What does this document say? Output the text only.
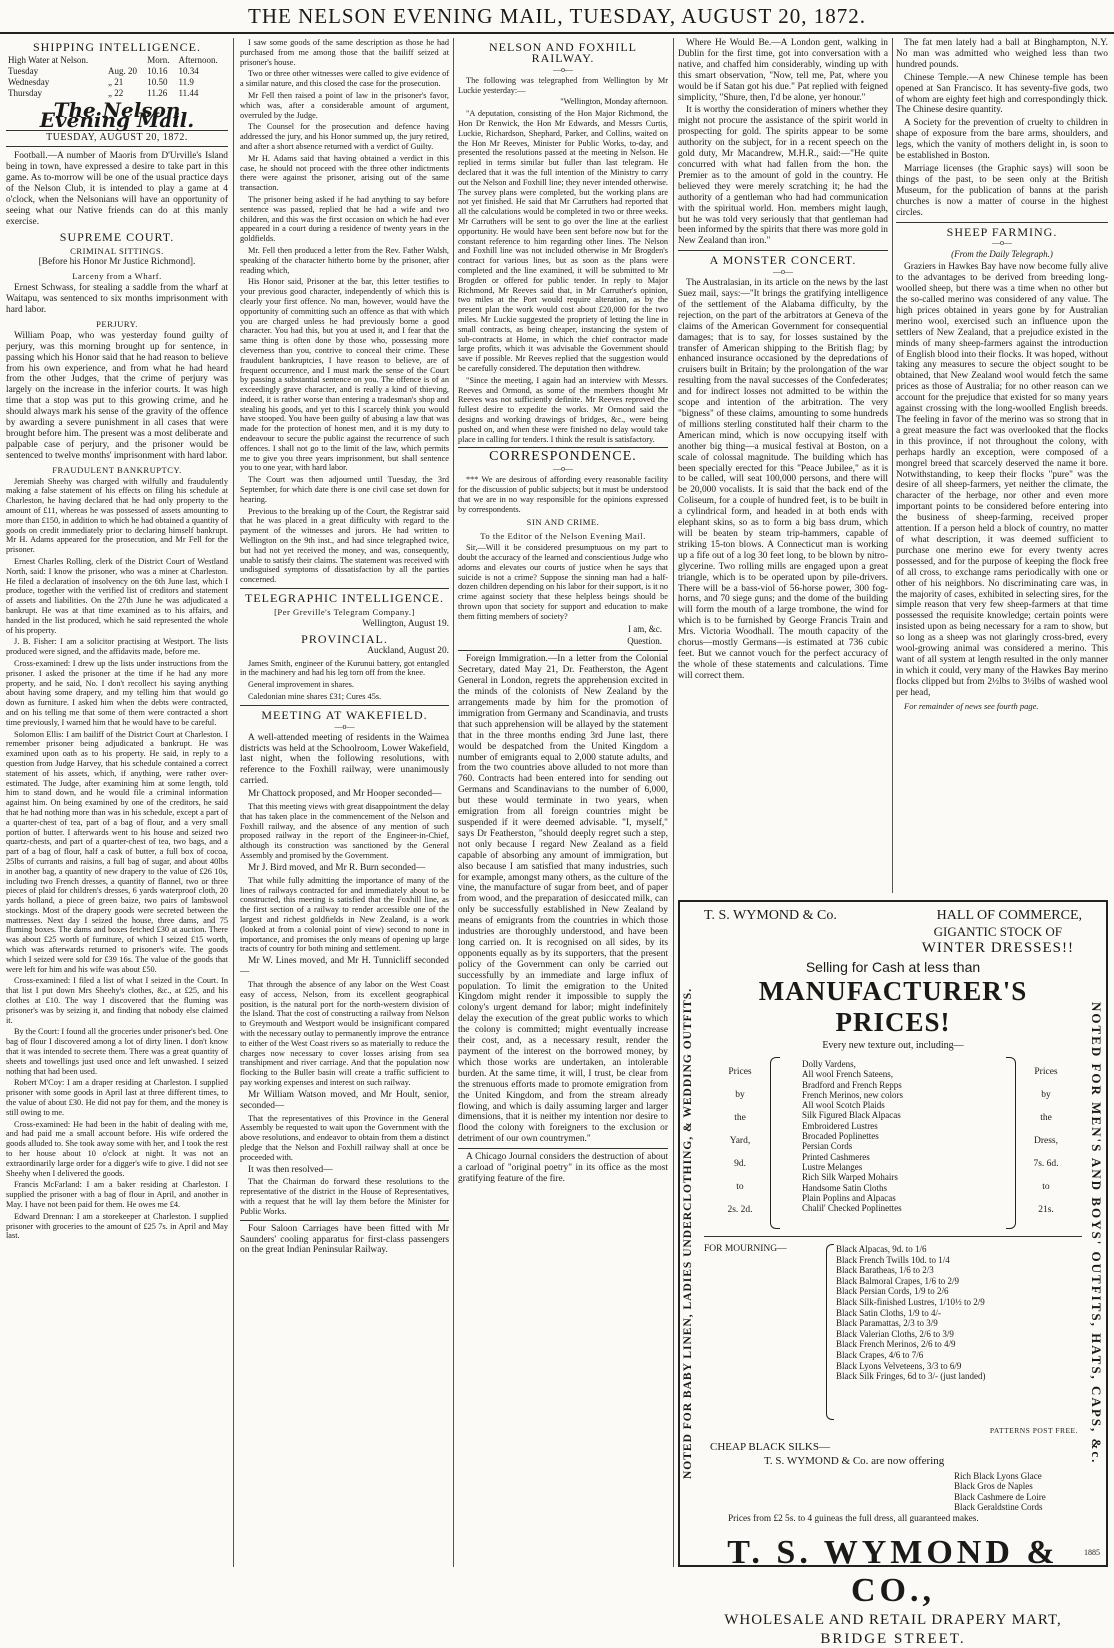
THE NELSON EVENING MAIL, TUESDAY, AUGUST 20, 1872.
SHIPPING INTELLIGENCE.
High Water at Nelson.		Morn.	Afternoon.
Tuesday	Aug. 20	10.16	10.34
Wednesday	„ 21	10.50	11.9
Thursday	„ 22	11.26	11.44
The Nelson Evening Mail.
TUESDAY, AUGUST 20, 1872.

Football.—A number of Maoris from D'Urville's Island being in town, have expressed a desire to take part in this game. As to-morrow will be one of the usual practice days of the Nelson Club, it is intended to play a game at 4 o'clock, when the Nelsonians will have an opportunity of seeing what our Native friends can do at this manly exercise.

SUPREME COURT.
CRIMINAL SITTINGS.

[Before his Honor Mr Justice Richmond].

Larceny from a Wharf.

Ernest Schwass, for stealing a saddle from the wharf at Waitapu, was sentenced to six months imprisonment with hard labor.

PERJURY.

William Poap, who was yesterday found guilty of perjury, was this morning brought up for sentence, in passing which his Honor said that he had reason to believe from his own experience, and from what he had heard from the other Judges, that the crime of perjury was largely on the increase in the inferior courts. It was high time that a stop was put to this growing crime, and he should always mark his sense of the gravity of the offence by awarding a severe punishment in all cases that were brought before him. The present was a most deliberate and palpable case of perjury, and the prisoner would be sentenced to twelve months' imprisonment with hard labor.

FRAUDULENT BANKRUPTCY.

Jeremiah Sheehy was charged with wilfully and fraudulently making a false statement of his effects on filing his schedule at Charleston, he having declared that he had only property to the amount of £11, whereas he was possessed of assets amounting to more than £150, in addition to which he had obtained a quantity of goods on credit immediately prior to declaring himself bankrupt. Mr H. Adams appeared for the prosecution, and Mr Fell for the prisoner.

Ernest Charles Rolling, clerk of the District Court of Westland North, said: I know the prisoner, who was a miner at Charleston. He filed a declaration of insolvency on the 6th June last, which I produce, together with the verified list of creditors and statement of assets and liabilities. On the 27th June he was adjudicated a bankrupt. He was at that time examined as to his affairs, and handed in the list produced, which he said represented the whole of his property.

J. B. Fisher: I am a solicitor practising at Westport. The lists produced were signed, and the affidavits made, before me.

Cross-examined: I drew up the lists under instructions from the prisoner. I asked the prisoner at the time if he had any more property, and he said, No. I don't recollect his saying anything about having some drapery, and my telling him that would go down as furniture. I asked him when the debts were contracted, and on his telling me that some of them were contracted a short time previously, I warned him that he would have to be careful.

Solomon Ellis: I am bailiff of the District Court at Charleston. I remember prisoner being adjudicated a bankrupt. He was examined upon oath as to his property. He said, in reply to a question from Judge Harvey, that his schedule contained a correct statement of his assets, which, if anything, were rather over-estimated. The Judge, after examining him at some length, told him to stand down, and he would file a criminal information against him. On being examined by one of the creditors, he said that he had nothing more than was in his schedule, except a part of a quarter-chest of tea, part of a bag of flour, and a very small portion of butter. I afterwards went to his house and seized two quartz-chests, and part of a quarter-chest of tea, two bags, and a part of a bag of flour, half a cask of butter, a full box of cocoa, 25lbs of currants and raisins, a full bag of sugar, and about 40lbs in another bag, a quantity of new drapery to the value of £26 10s, including two French dresses, a quantity of flannel, two or three pieces of plaid for children's dresses, 6 yards waterproof cloth, 20 yards holland, a piece of green baize, two pairs of lambswool stockings. Most of the drapery goods were secreted between the mattresses. Next day I seized the house, three dams, and 75 fluming boxes. The dams and boxes fetched £30 at auction. There was about £25 worth of furniture, of which I seized £15 worth, which was afterwards returned to prisoner's wife. The goods which I seized were sold for £39 16s. The value of the goods that were left for him and his wife was about £50.

Cross-examined: I filed a list of what I seized in the Court. In that list I put down Mrs Sheehy's clothes, &c., at £25, and his clothes at £10. The way I discovered that the fluming was prisoner's was by seizing it, and finding that nobody else claimed it.

By the Court: I found all the groceries under prisoner's bed. One bag of flour I discovered among a lot of dirty linen. I don't know that it was intended to secrete them. There was a great quantity of sheets and towellings just used once and left unwashed. I seized nothing that had been used.

Robert M'Coy: I am a draper residing at Charleston. I supplied prisoner with some goods in April last at three different times, to the value of about £30. He did not pay for them, and the money is still owing to me.

Cross-examined: He had been in the habit of dealing with me, and had paid me a small account before. His wife ordered the goods alluded to. She took away some with her, and I took the rest to her house about 10 o'clock at night. It was not an extraordinarily large order for a digger's wife to give. I did not see Sheehy when I delivered the goods.

Francis McFarland: I am a baker residing at Charleston. I supplied the prisoner with a bag of flour in April, and another in May. I have not been paid for them. He owes me £4.

Edward Drennan: I am a storekeeper at Charleston. I supplied prisoner with groceries to the amount of £25 7s. in April and May last.

I saw some goods of the same description as those he had purchased from me among those that the bailiff seized at prisoner's house.

Two or three other witnesses were called to give evidence of a similar nature, and this closed the case for the prosecution.

Mr Fell then raised a point of law in the prisoner's favor, which was, after a considerable amount of argument, overruled by the Judge.

The Counsel for the prosecution and defence having addressed the jury, and his Honor summed up, the jury retired, and after a short absence returned with a verdict of Guilty.

Mr H. Adams said that having obtained a verdict in this case, he should not proceed with the three other indictments there were against the prisoner, arising out of the same transaction.

The prisoner being asked if he had anything to say before sentence was passed, replied that he had a wife and two children, and this was the first occasion on which he had ever appeared in a court during a residence of twenty years in the goldfields.

Mr. Fell then produced a letter from the Rev. Father Walsh, speaking of the character hitherto borne by the prisoner, after reading which,

His Honor said, Prisoner at the bar, this letter testifies to your previous good character, independently of which this is clearly your first offence. No man, however, would have the opportunity of committing such an offence as that with which you are charged unless he had previously borne a good character. You had this, but you at used it, and I fear that the same thing is often done by those who, possessing more cleverness than you, contrive to conceal their crime. These fraudulent bankruptcies, I have reason to believe, are of frequent occurrence, and I must mark the sense of the Court by passing a substantial sentence on you. The offence is of an exceedingly grave character, and is really a kind of thieving, indeed, it is rather worse than entering a tradesman's shop and stealing his goods, and yet to this I scarcely think you would have stooped. You have been guilty of abusing a law that was made for the protection of honest men, and it is my duty to endeavour to secure the public against the recurrence of such offences. I shall not go to the limit of the law, which permits me to give you three years imprisonment, but shall sentence you to one year, with hard labor.

The Court was then adjourned until Tuesday, the 3rd September, for which date there is one civil case set down for hearing.

Previous to the breaking up of the Court, the Registrar said that he was placed in a great difficulty with regard to the payment of the witnesses and jurors. He had written to Wellington on the 9th inst., and had since telegraphed twice, but had not yet received the money, and was, consequently, unable to satisfy their claims. The statement was received with undisguised symptoms of dissatisfaction by all the parties concerned.

TELEGRAPHIC INTELLIGENCE.
[Per Greville's Telegram Company.]

Wellington, August 19.

PROVINCIAL.

Auckland, August 20.

James Smith, engineer of the Kurunui battery, got entangled in the machinery and had his leg torn off from the knee.

General improvement in shares.

Caledonian mine shares £31; Cures 45s.

MEETING AT WAKEFIELD.
—o—

A well-attended meeting of residents in the Waimea districts was held at the Schoolroom, Lower Wakefield, last night, when the following resolutions, with reference to the Foxhill railway, were unanimously carried.

Mr Chattock proposed, and Mr Hooper seconded—

That this meeting views with great disappointment the delay that has taken place in the commencement of the Nelson and Foxhill railway, and the absence of any mention of such proposed railway in the report of the Engineer-in-Chief, although its construction was sanctioned by the General Assembly and promised by the Government.

Mr J. Bird moved, and Mr R. Burn seconded—

That while fully admitting the importance of many of the lines of railways contracted for and immediately about to be constructed, this meeting is satisfied that the Foxhill line, as the first section of a railway to render accessible one of the largest and richest goldfields in New Zealand, is a work (looked at from a colonial point of view) second to none in importance, and promises the only means of opening up large tracts of country for both mining and settlement.

Mr W. Lines moved, and Mr H. Tunnicliff seconded—

That through the absence of any labor on the West Coast easy of access, Nelson, from its excellent geographical position, is the natural port for the north-western division of the Island. That the cost of constructing a railway from Nelson to Greymouth and Westport would be insignificant compared with the necessary outlay to permanently improve the entrance to either of the West Coast rivers so as materially to reduce the charges now necessary to cover losses arising from sea transhipment and river carriage. And that the population now flocking to the Buller basin will create a traffic sufficient to pay working expenses and interest on such railway.

Mr William Watson moved, and Mr Hoult, senior, seconded—

That the representatives of this Province in the General Assembly be requested to wait upon the Government with the above resolutions, and endeavor to obtain from them a distinct pledge that the Nelson and Foxhill railway shall at once be proceeded with.

It was then resolved—

That the Chairman do forward these resolutions to the representative of the district in the House of Representatives, with a request that he will lay them before the Minister for Public Works.

Four Saloon Carriages have been fitted with Mr Saunders' cooling apparatus for first-class passengers on the great Indian Peninsular Railway.

NELSON AND FOXHILL RAILWAY.
—o—

The following was telegraphed from Wellington by Mr Luckie yesterday:—

"Wellington, Monday afternoon.

"A deputation, consisting of the Hon Major Richmond, the Hon Dr Renwick, the Hon Mr Edwards, and Messrs Curtis, Luckie, Richardson, Shephard, Parker, and Collins, waited on the Hon Mr Reeves, Minister for Public Works, to-day, and presented the resolutions passed at the meeting in Nelson. He replied in terms similar but fuller than last telegram. He declared that it was the full intention of the Ministry to carry out the Nelson and Foxhill line; they never intended otherwise. The survey plans were completed, but the working plans are not yet finished. He said that Mr Carruthers had reported that all the calculations would be completed in two or three weeks. Mr Carruthers will be sent to go over the line at the earliest opportunity. He would have been sent before now but for the constant reference to him regarding other lines. The Nelson and Foxhill line was not included otherwise in Mr Brogden's contract for various lines, but as soon as the plans were completed and the line examined, it will be submitted to Mr Brogden or offered for public tender. In reply to Major Richmond, Mr Reeves said that, in Mr Carruther's opinion, two miles at the Port would require alteration, as by the present plan the work would cost about £20,000 for the two miles. Mr Luckie suggested the propriety of letting the line in small contracts, as being cheaper, instancing the system of sub-contracts at Home, in which the chief contractor made large profits, which it was advisable the Government should save if possible. Mr Reeves replied that the suggestion would be carefully considered. The deputation then withdrew.

"Since the meeting, I again had an interview with Messrs. Reeves and Ormond, as some of the members thought Mr Reeves was not sufficiently definite. Mr Reeves reproved the fullest desire to expedite the works. Mr Ormond said the designs and working drawings of bridges, &c., were being pushed on, and when these were finished no delay would take place in calling for tenders. I think the result is satisfactory.

CORRESPONDENCE.
—o—

*** We are desirous of affording every reasonable facility for the discussion of public subjects; but it must be understood that we are in no way responsible for the opinions expressed by correspondents.

SIN AND CRIME.
To the Editor of the Nelson Evening Mail.

Sir,—Will it be considered presumptuous on my part to doubt the accuracy of the learned and conscientious Judge who adorns and elevates our courts of justice when he says that suicide is not a crime? Suppose the sinning man had a half-dozen children depending on his labor for their support, is it no crime against society that these helpless beings should be thrown upon that society for support and education to make them fitting members of society?

I am, &c.

Question.

Foreign Immigration.—In a letter from the Colonial Secretary, dated May 21, Dr. Featherston, the Agent General in London, regrets the apprehension excited in the minds of the colonists of New Zealand by the arrangements made by him for the promotion of immigration from Germany and Scandinavia, and trusts that such apprehension will be allayed by the statement that in the three months ending 3rd June last, there would be despatched from the United Kingdom a number of emigrants equal to 2,000 statute adults, and from the two countries above alluded to not more than 760. Contracts had been entered into for sending out Germans and Scandinavians to the number of 6,000, but these would terminate in two years, when emigration from all foreign countries might be suspended if it were deemed advisable. "I, myself," says Dr Featherston, "should deeply regret such a step, not only because I regard New Zealand as a field capable of absorbing any amount of immigration, but also because I am satisfied that many industries, such for example, amongst many others, as the culture of the vine, the manufacture of sugar from beet, and of paper from wood, and the preparation of desiccated milk, can only be successfully established in New Zealand by means of emigrants from the countries in which those industries are thoroughly understood, and have been long carried on. It is recognised on all sides, by its opponents equally as by its supporters, that the present policy of the Government can only be carried out successfully by an immediate and large influx of population. To limit the emigration to the United Kingdom might render it impossible to supply the colony's urgent demand for labor; might indefinitely delay the execution of the great public works to which the colony is committed; might eventually increase their cost, and, as a necessary result, render the payment of the interest on the borrowed money, by which those works are undertaken, an intolerable burden. At the same time, it will, I trust, be clear from the strenuous efforts made to promote emigration from the United Kingdom, and from the stream already flowing, and which is daily assuming larger and larger dimensions, that it is neither my intention nor desire to flood the colony with foreigners to the exclusion or detriment of our own countrymen."

A Chicago Journal considers the destruction of about a carload of "original poetry" in its office as the most gratifying feature of the fire.

Where He Would Be.—A London gent, walking in Dublin for the first time, got into conversation with a native, and chaffed him considerably, winding up with this smart observation, "Now, tell me, Pat, where you would be if Satan got his due." Pat replied with feigned simplicity, "Shure, then, I'd be alone, yer honour."

It is worthy the consideration of miners whether they might not procure the assistance of the spirit world in prospecting for gold. The spirits appear to be some authority on the subject, for in a recent speech on the gold duty, Mr Macandrew, M.H.R., said:—"He quite concurred with what had fallen from the hon. the Premier as to the amount of gold in the country. He believed they were merely scratching it; he had the authority of a gentleman who had had communication with the spiritual world. Hon. members might laugh, but he was told very seriously that that gentleman had been informed by the spirits that there was more gold in New Zealand than iron."

A MONSTER CONCERT.
—o—

The Australasian, in its article on the news by the last Suez mail, says:—"It brings the gratifying intelligence of the settlement of the Alabama difficulty, by the rejection, on the part of the arbitrators at Geneva of the claims of the American Government for consequential damages; that is to say, for losses sustained by the transfer of American shipping to the British flag; by enhanced insurance occasioned by the depredations of cruisers built in Britain; by the prolongation of the war resulting from the naval successes of the Confederates; and for indirect losses not admitted to be within the scope and intention of the arbitration. The very "bigness" of these claims, amounting to some hundreds of millions sterling constituted half their charm to the American mind, which is now occupying itself with another big thing—a musical festival at Boston, on a scale of colossal magnitude. The building which has been specially erected for this "Peace Jubilee," as it is to be called, will seat 100,000 persons, and there will be 20,000 vocalists. It is said that the back end of the Coliseum, for a couple of hundred feet, is to be built in a cylindrical form, and headed in at both ends with elephant skins, so as to form a big bass drum, which will be beaten by steam trip-hammers, capable of striking 15-ton blows. A Connecticut man is working up a fife out of a log 30 feet long, to be blown by nitro-glycerine. Two rolling mills are engaged upon a great triangle, which is to be operated upon by pile-drivers. There will be a bass-viol of 56-horse power, 300 fog-horns, and 70 siege guns; and the dome of the building will form the mouth of a large trombone, the wind for which is to be furnished by George Francis Train and Mrs. Victoria Woodhall. The mouth capacity of the chorus—mostly Germans—is estimated at 736 cubic feet. But we cannot vouch for the perfect accuracy of the whole of these statements and calculations. Time will correct them.

The fat men lately had a ball at Binghampton, N.Y. No man was admitted who weighed less than two hundred pounds.

Chinese Temple.—A new Chinese temple has been opened at San Francisco. It has seventy-five gods, two of whom are eighty feet high and correspondingly thick. The Chinese desire quantity.

A Society for the prevention of cruelty to children in shape of exposure from the bare arms, shoulders, and legs, which the vanity of mothers delight in, is soon to be established in Boston.

Marriage licenses (the Graphic says) will soon be things of the past, to be seen only at the British Museum, for the publication of banns at the parish churches is now a matter of course in the highest circles.

SHEEP FARMING.
—o—
(From the Daily Telegraph.)

Graziers in Hawkes Bay have now become fully alive to the advantages to be derived from breeding long-woolled sheep, but there was a time when no other but the so-called merino was considered of any value. The high prices obtained in years gone by for Australian merino wool, exercised such an influence upon the settlers of New Zealand, that a prejudice existed in the minds of many sheep-farmers against the introduction of English blood into their flocks. It was hoped, without taking any measures to secure the object sought to be obtained, that New Zealand wool would fetch the same prices as those of Australia; for no other reason can we account for the prejudice that existed for so many years against crossing with the long-woolled English breeds. The feeling in favor of the merino was so strong that in a great measure the fact was overlooked that the flocks in this province, if not throughout the colony, with perhaps hardly an exception, were composed of a mongrel breed that scarcely deserved the name it bore. Notwithstanding, to keep their flocks "pure" was the desire of all sheep-farmers, yet neither the climate, the character of the herbage, nor other and even more important points to be considered before entering into the business of sheep-farming, received proper attention. If a person held a block of country, no matter of what description, it was deemed sufficient to purchase one merino ewe for every twenty acres possessed, and for the purpose of keeping the flock free of all cross, to exchange rams periodically with one or other of his neighbors. No discriminating care was, in the majority of cases, exhibited in selecting sires, for the simple reason that very few sheep-farmers at that time possessed the requisite knowledge; certain points were insisted upon as being necessary for a ram to show, but so long as a sheep was not glaringly cross-bred, every wool-growing animal was considered a merino. This want of all system at length resulted in the only manner in which it could, very many of the Hawkes Bay merino flocks clipped but from 2½lbs to 3½lbs of washed wool per head,

For remainder of news see fourth page.

NOTED FOR BABY LINEN, LADIES UNDERCLOTHING, & WEDDING OUTFITS.	NOTED FOR MEN'S AND BOYS' OUTFITS, HATS, CAPS, &c.
T. S. WYMOND & Co.	HALL OF COMMERCE,
GIGANTIC STOCK OF
WINTER DRESSES!!
Selling for Cash at less than
MANUFACTURER'S PRICES!
Every new texture out, including—
Prices
by
the
Yard,
9d.
to
2s. 2d.
Dolly Vardens,
All wool French Sateens,
Bradford and French Repps
French Merinos, new colors
All wool Scotch Plaids
Silk Figured Black Alpacas
Embroidered Lustres
Brocaded Poplinettes
Persian Cords
Printed Cashmeres
Lustre Melanges
Rich Silk Warped Mohairs
Handsome Satin Cloths
Plain Poplins and Alpacas
Chalil' Checked Poplinettes
Prices
by
the
Dress,
7s. 6d.
to
21s.
FOR MOURNING—	Black Alpacas, 9d. to 1/6
Black French Twills 10d. to 1/4
Black Baratheas, 1/6 to 2/3
Black Balmoral Crapes, 1/6 to 2/9
Black Persian Cords, 1/9 to 2/6
Black Silk-finished Lustres, 1/10½ to 2/9
Black Satin Cloths, 1/9 to 4/-
Black Paramattas, 2/3 to 3/9
Black Valerian Cloths, 2/6 to 3/9
Black French Merinos, 2/6 to 4/9
Black Crapes, 4/6 to 7/6
Black Lyons Velveteens, 3/3 to 6/9
Black Silk Fringes, 6d to 3/- (just landed)
PATTERNS POST FREE.
CHEAP BLACK SILKS—
T. S. WYMOND & Co. are now offering
Rich Black Lyons Glace
Black Gros de Naples
Black Cashmere de Loire
Black Geraldstine Cords
Prices from £2 5s. to 4 guineas the full dress, all guaranteed makes.
T. S. WYMOND & CO.,
WHOLESALE AND RETAIL DRAPERY MART,
BRIDGE STREET.
1885
